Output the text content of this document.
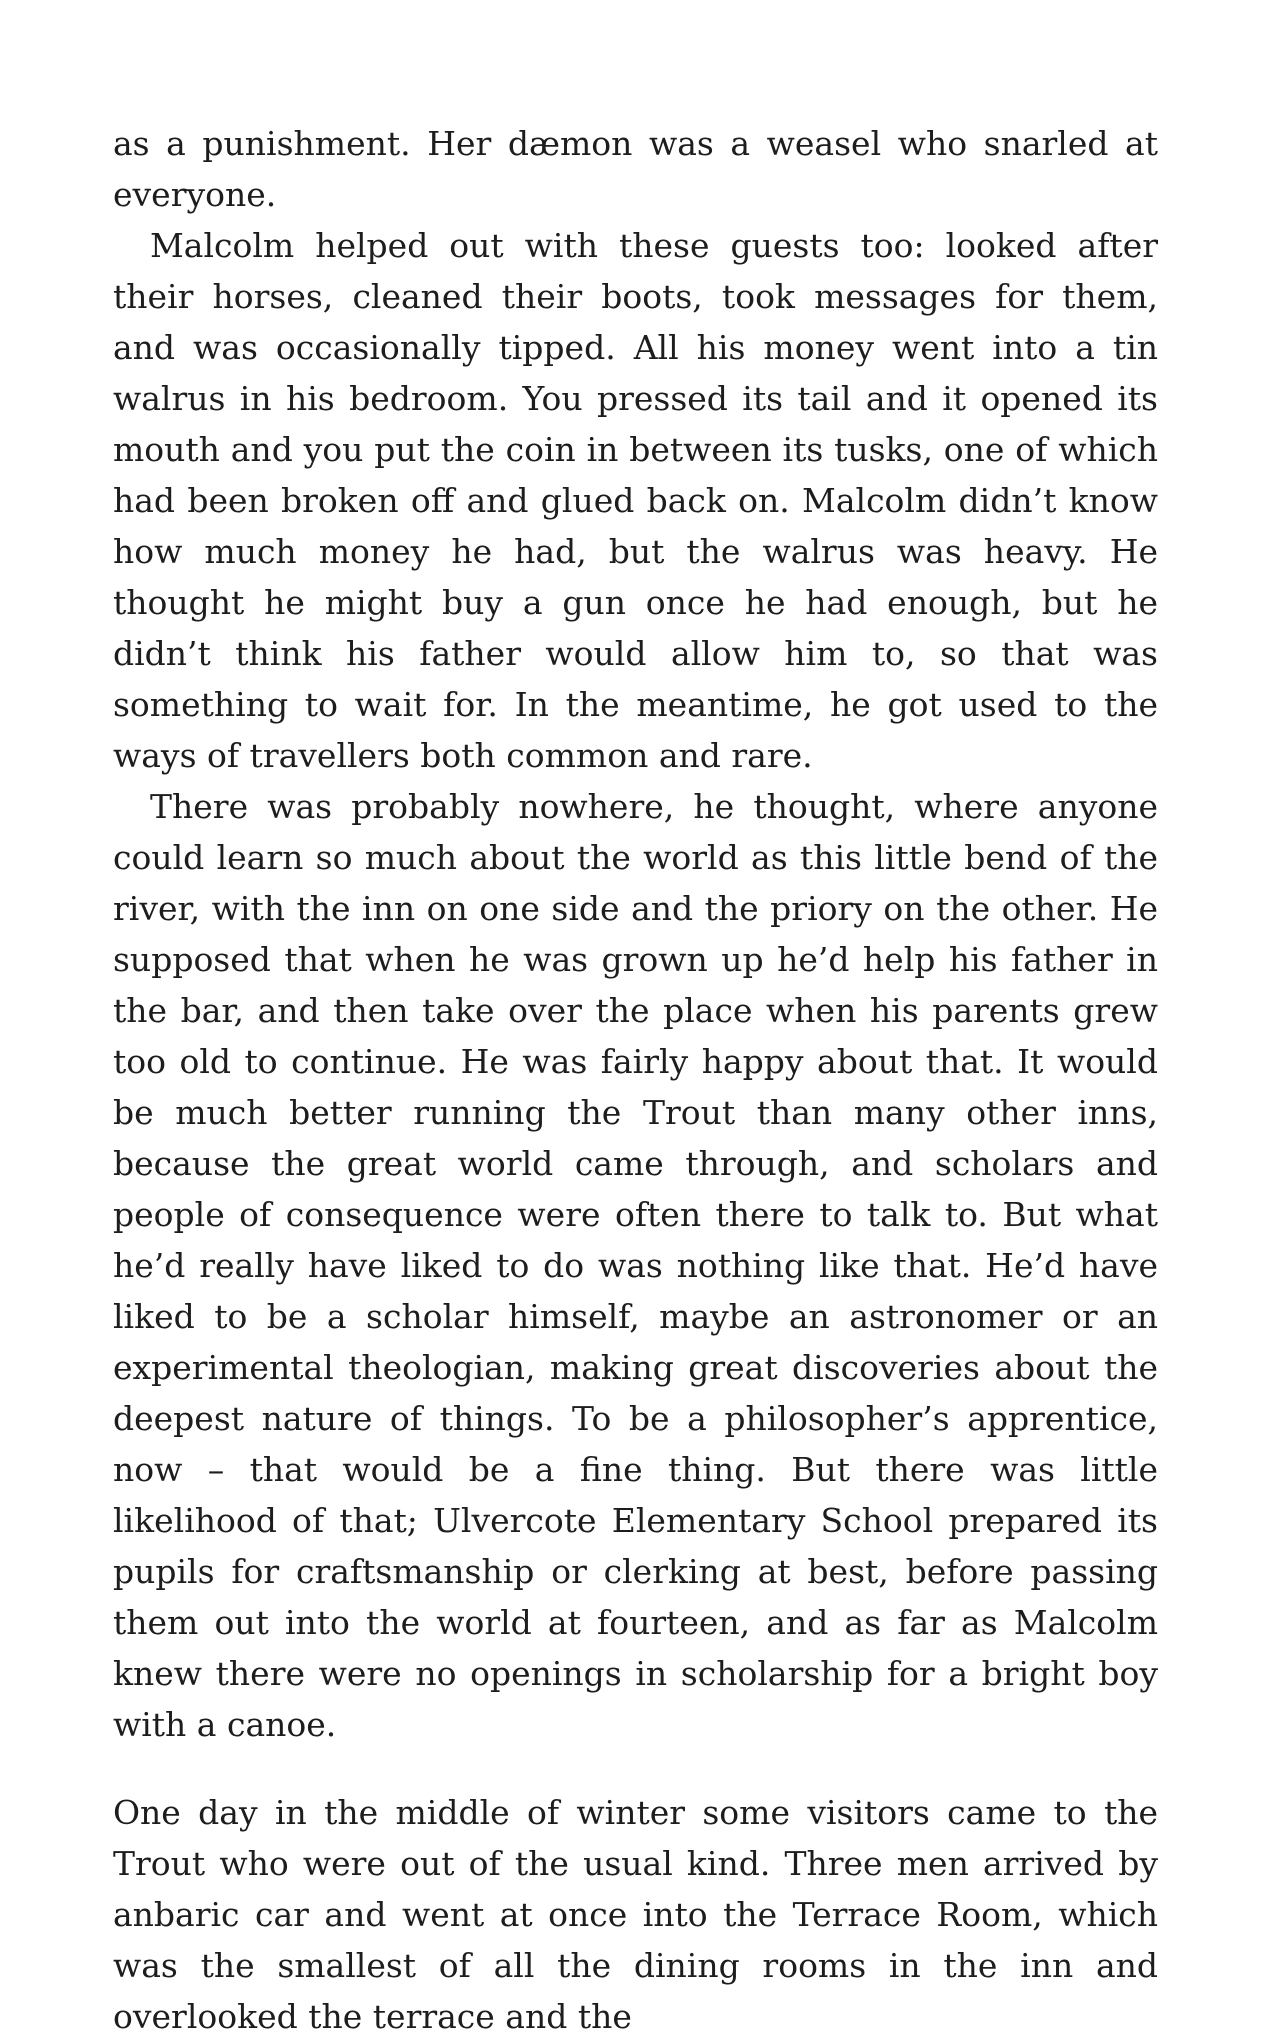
as a punishment. Her dæmon was a weasel who snarled at everyone.

Malcolm helped out with these guests too: looked after their horses, cleaned their boots, took messages for them, and was occasionally tipped. All his money went into a tin walrus in his bedroom. You pressed its tail and it opened its mouth and you put the coin in between its tusks, one of which had been broken off and glued back on. Malcolm didn’t know how much money he had, but the walrus was heavy. He thought he might buy a gun once he had enough, but he didn’t think his father would allow him to, so that was something to wait for. In the meantime, he got used to the ways of travellers both common and rare.

There was probably nowhere, he thought, where anyone could learn so much about the world as this little bend of the river, with the inn on one side and the priory on the other. He supposed that when he was grown up he’d help his father in the bar, and then take over the place when his parents grew too old to continue. He was fairly happy about that. It would be much better running the Trout than many other inns, because the great world came through, and scholars and people of consequence were often there to talk to. But what he’d really have liked to do was nothing like that. He’d have liked to be a scholar himself, maybe an astronomer or an experimental theologian, making great discoveries about the deepest nature of things. To be a philosopher’s apprentice, now – that would be a fine thing. But there was little likelihood of that; Ulvercote Elementary School prepared its pupils for craftsmanship or clerking at best, before passing them out into the world at fourteen, and as far as Malcolm knew there were no openings in scholarship for a bright boy with a canoe.

One day in the middle of winter some visitors came to the Trout who were out of the usual kind. Three men arrived by anbaric car and went at once into the Terrace Room, which was the smallest of all the dining rooms in the inn and overlooked the terrace and the
